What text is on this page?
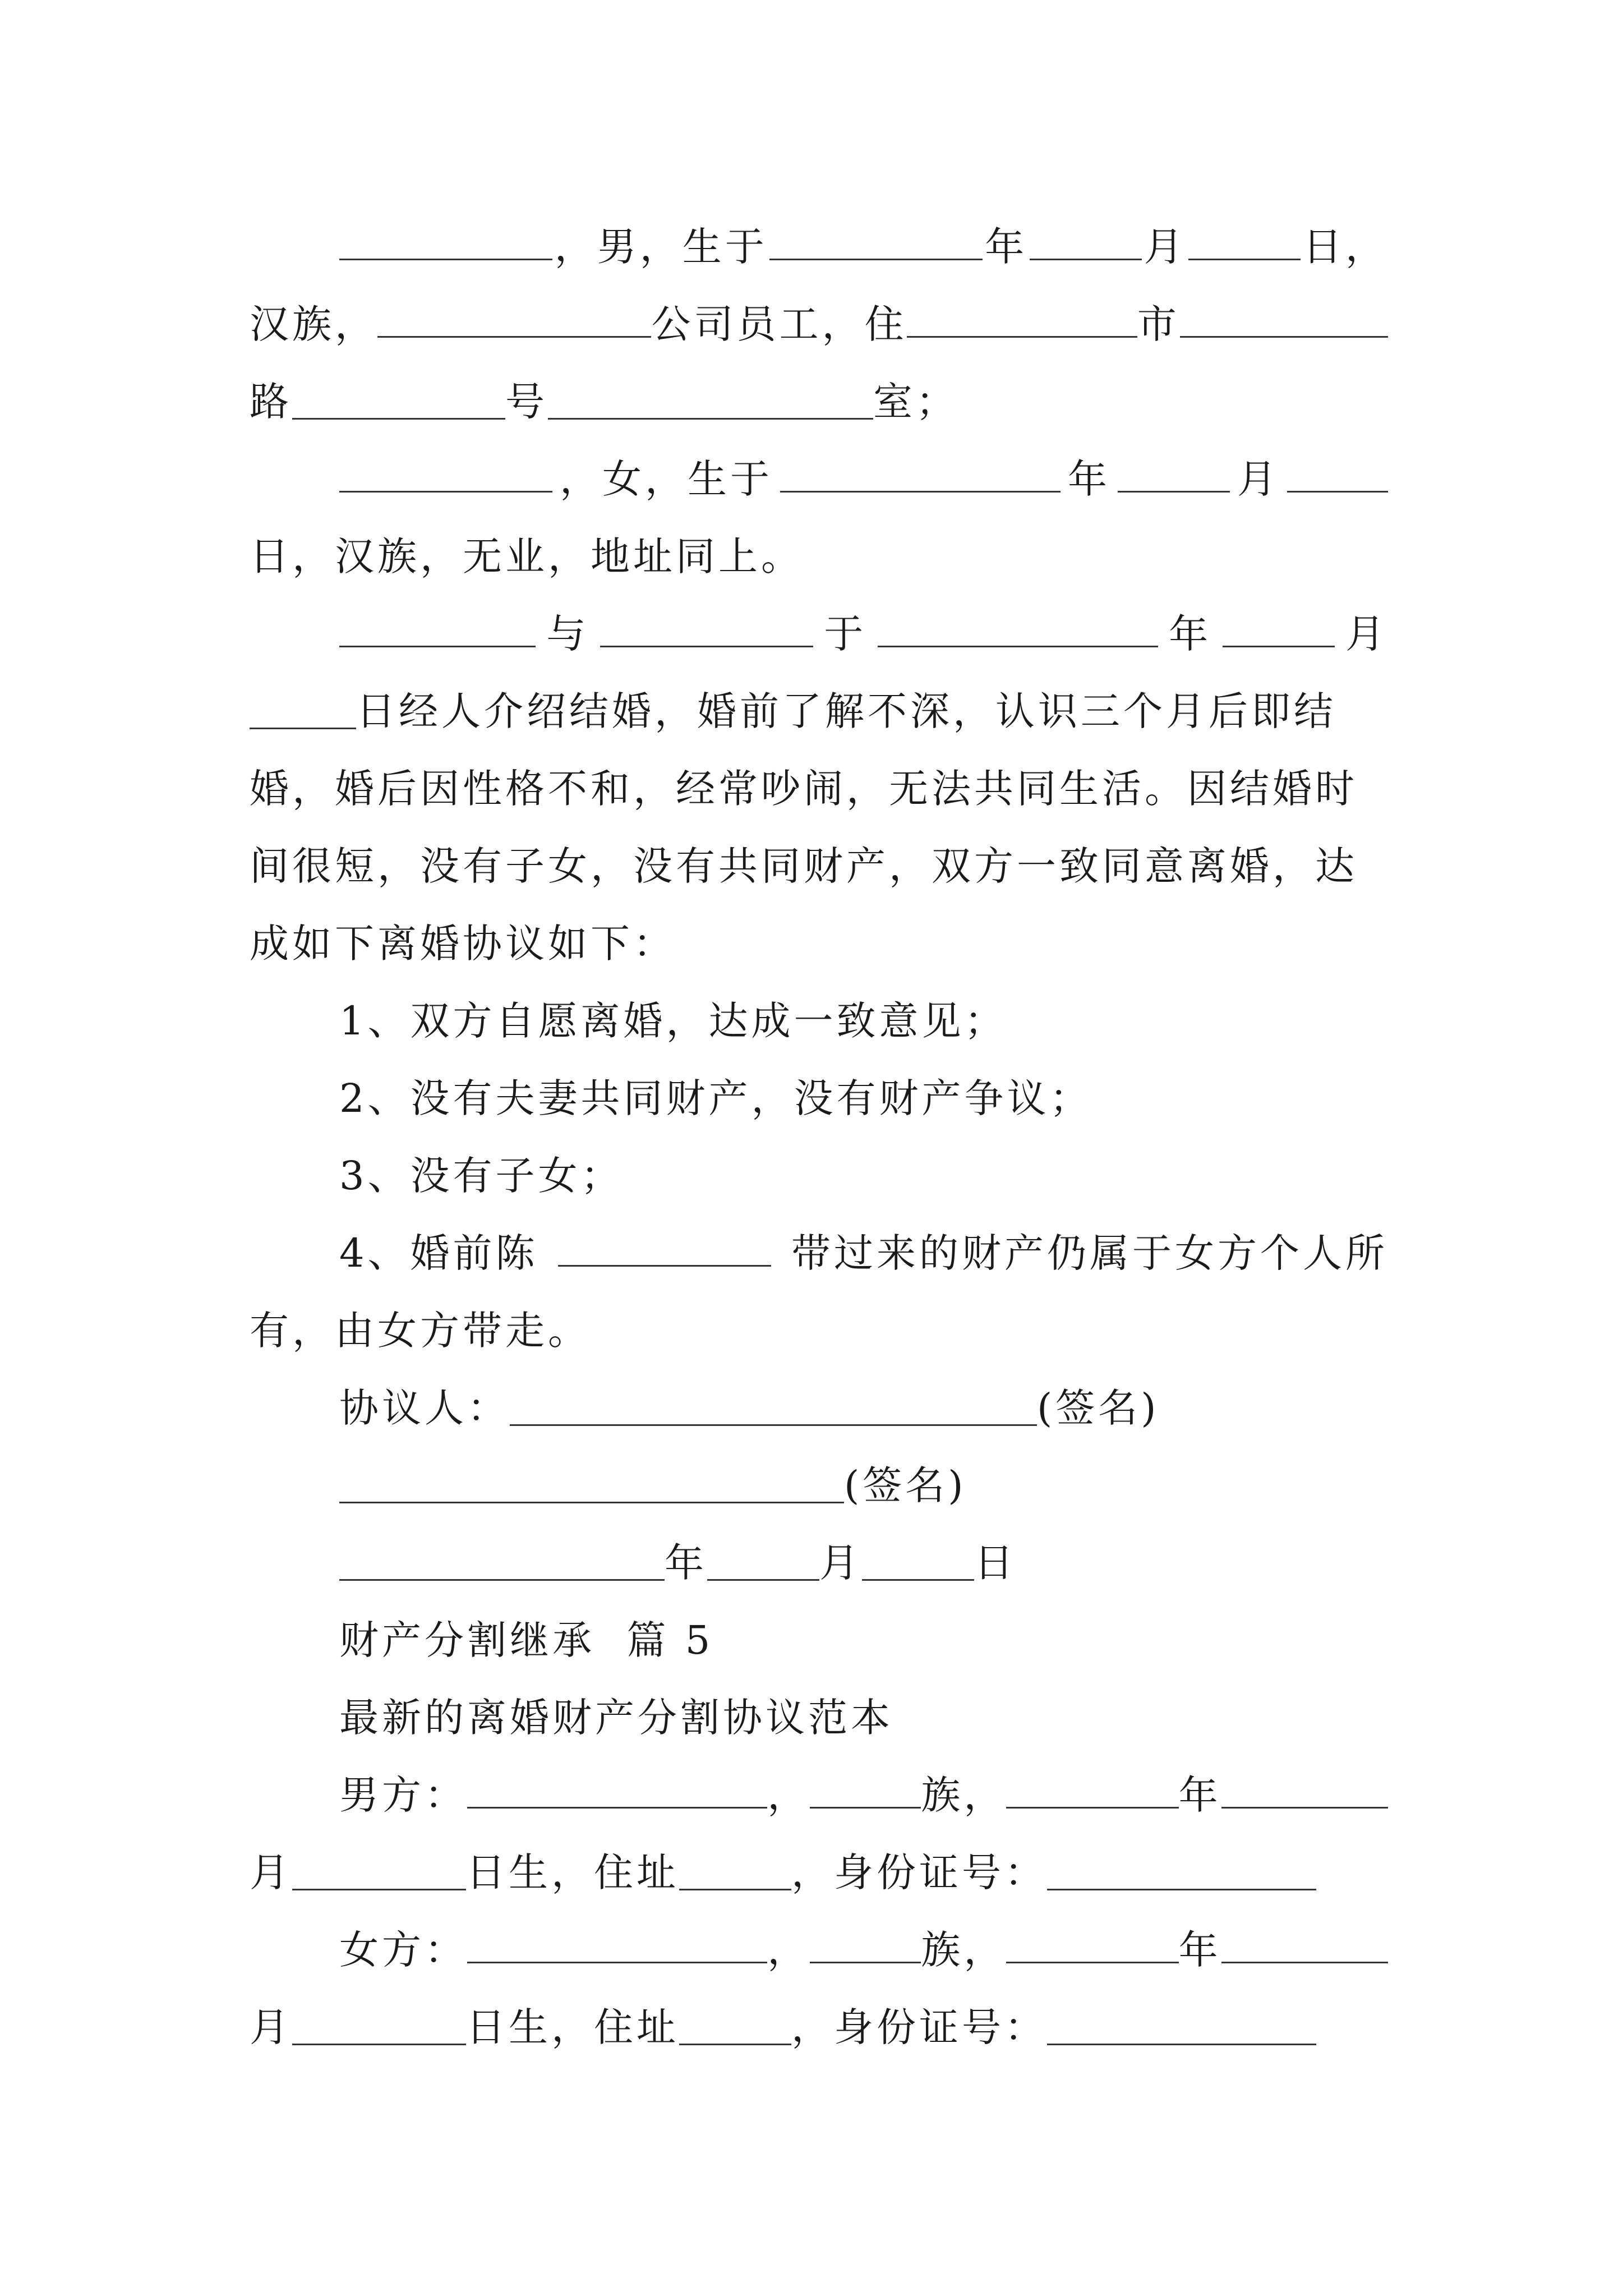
，男，生于	年	月	日，
汉族，	公司员工，住	市
路	号	室；
，女，生于	年	月
日，汉族，无业，地址同上。
与	于	年	月
日经人介绍结婚，婚前了解不深，认识三个月后即结
婚，婚后因性格不和，经常吵闹，无法共同生活。因结婚时
间很短，没有子女，没有共同财产，双方一致同意离婚，达
成如下离婚协议如下：
1、双方自愿离婚，达成一致意见；
2、没有夫妻共同财产，没有财产争议；
3、没有子女；
4、婚前陈	带过来的财产仍属于女方个人所
有，由女方带走。
协议人：	(签名)
(签名)
年	月	日
财产分割继承  篇 5
最新的离婚财产分割协议范本
男方：	，	族，	年
月	日生，住址	，身份证号：
女方：	，	族，	年
月	日生，住址	，身份证号：
